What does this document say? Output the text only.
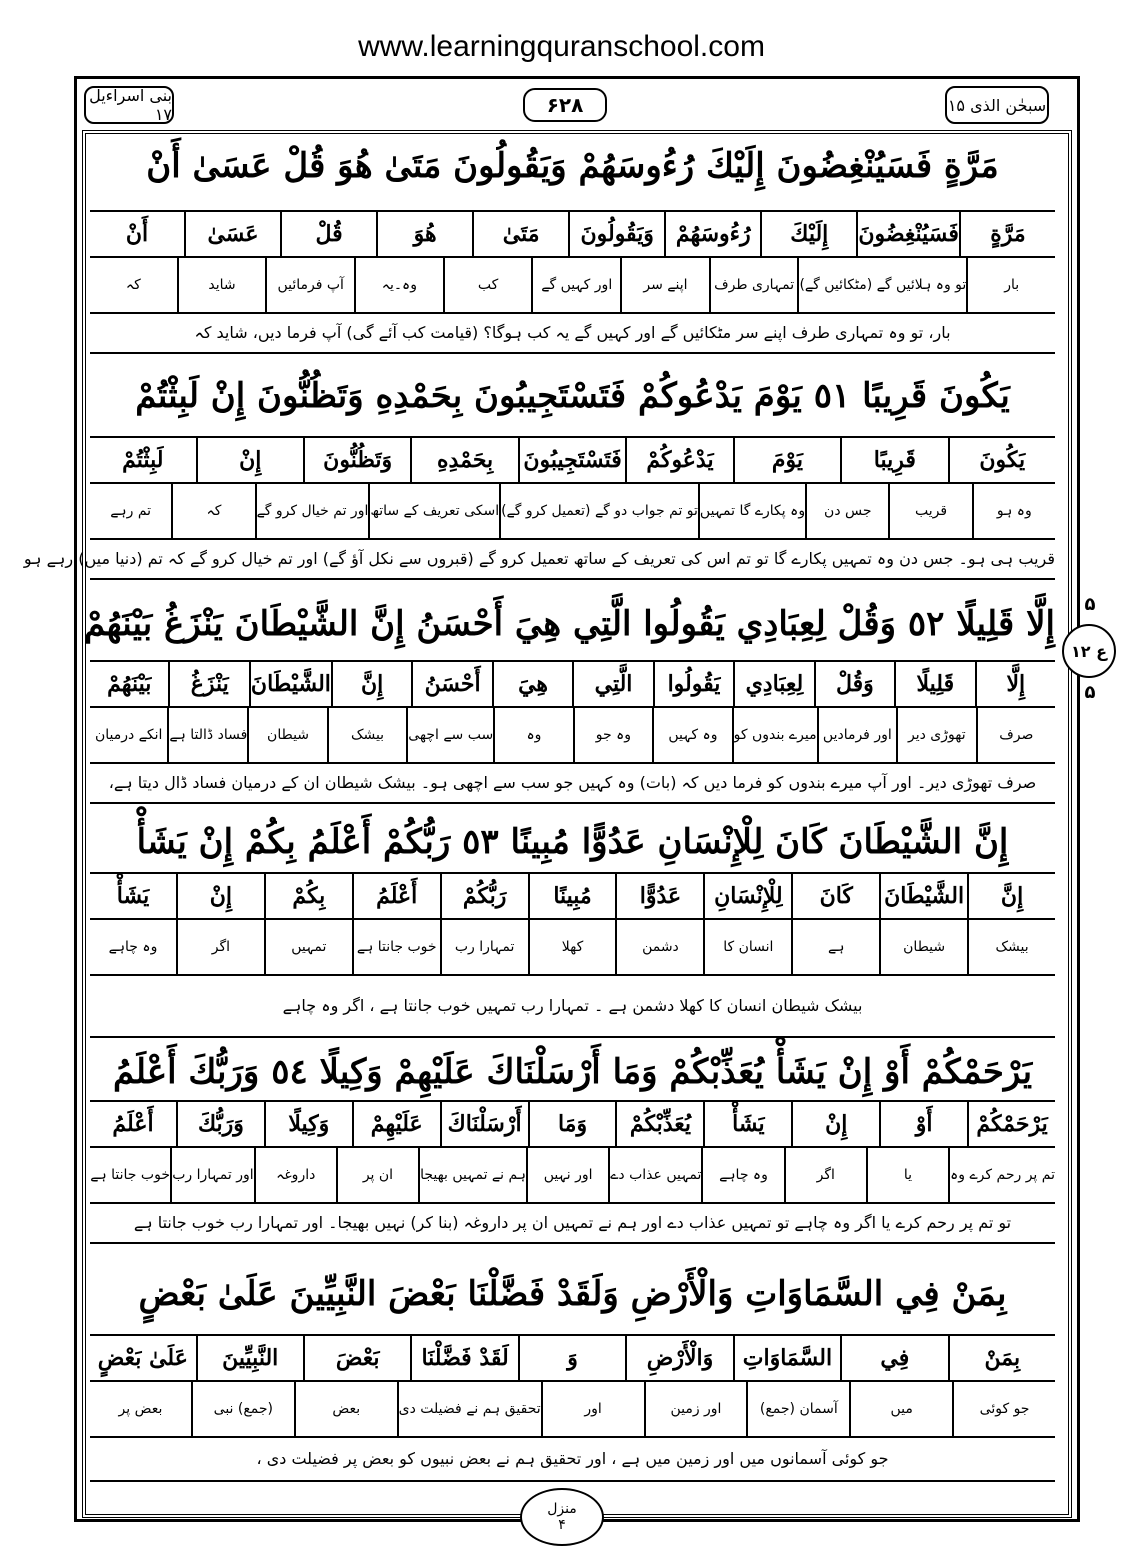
www.learningquranschool.com
سبحٰن الذی ۱۵
۶۲۸
بنی اسرآءیل ۱۷
مَرَّةٍ فَسَيُنْغِضُونَ إِلَيْكَ رُءُوسَهُمْ وَيَقُولُونَ مَتَىٰ هُوَ قُلْ عَسَىٰ أَنْ
مَرَّةٍ
فَسَيُنْغِضُونَ
إِلَيْكَ
رُءُوسَهُمْ
وَيَقُولُونَ
مَتَىٰ
هُوَ
قُلْ
عَسَىٰ
أَنْ
بار
تو وہ ہلائیں گے (مٹکائیں گے)
تمہاری طرف
اپنے سر
اور کہیں گے
کب
وہ۔یہ
آپ فرمائیں
شاید
کہ
بار، تو وہ تمہاری طرف اپنے سر مٹکائیں گے اور کہیں گے یہ کب ہوگا؟ (قیامت کب آئے گی) آپ فرما دیں، شاید کہ
يَكُونَ قَرِيبًا ٥١ يَوْمَ يَدْعُوكُمْ فَتَسْتَجِيبُونَ بِحَمْدِهِ وَتَظُنُّونَ إِنْ لَبِثْتُمْ
يَكُونَ
قَرِيبًا
يَوْمَ
يَدْعُوكُمْ
فَتَسْتَجِيبُونَ
بِحَمْدِهِ
وَتَظُنُّونَ
إِنْ
لَبِثْتُمْ
وہ ہو
قریب
جس دن
وہ پکارے گا تمہیں
تو تم جواب دو گے (تعمیل کرو گے)
اسکی تعریف کے ساتھ
اور تم خیال کرو گے
کہ
تم رہے
قریب ہی ہو۔ جس دن وہ تمہیں پکارے گا تو تم اس کی تعریف کے ساتھ تعمیل کرو گے (قبروں سے نکل آؤ گے) اور تم خیال کرو گے کہ تم (دنیا میں) رہے ہو
إِلَّا قَلِيلًا ٥٢ وَقُلْ لِعِبَادِي يَقُولُوا الَّتِي هِيَ أَحْسَنُ إِنَّ الشَّيْطَانَ يَنْزَغُ بَيْنَهُمْ
إِلَّا
قَلِيلًا
وَقُلْ
لِعِبَادِي
يَقُولُوا
الَّتِي
هِيَ
أَحْسَنُ
إِنَّ
الشَّيْطَانَ
يَنْزَغُ
بَيْنَهُمْ
صرف
تھوڑی دیر
اور فرمادیں
میرے بندوں کو
وہ کہیں
وہ جو
وہ
سب سے اچھی
بیشک
شیطان
فساد ڈالتا ہے
انکے درمیان
صرف تھوڑی دیر۔ اور آپ میرے بندوں کو فرما دیں کہ (بات) وہ کہیں جو سب سے اچھی ہو۔ بیشک شیطان ان کے درمیان فساد ڈال دیتا ہے،
إِنَّ الشَّيْطَانَ كَانَ لِلْإِنْسَانِ عَدُوًّا مُبِينًا ٥٣ رَبُّكُمْ أَعْلَمُ بِكُمْ إِنْ يَشَأْ
إِنَّ
الشَّيْطَانَ
كَانَ
لِلْإِنْسَانِ
عَدُوًّا
مُبِينًا
رَبُّكُمْ
أَعْلَمُ
بِكُمْ
إِنْ
يَشَأْ
بیشک
شیطان
ہے
انسان کا
دشمن
کھلا
تمہارا رب
خوب جانتا ہے
تمہیں
اگر
وہ چاہے
بیشک شیطان انسان کا کھلا دشمن ہے ۔ تمہارا رب تمہیں خوب جانتا ہے ، اگر وہ چاہے
يَرْحَمْكُمْ أَوْ إِنْ يَشَأْ يُعَذِّبْكُمْ وَمَا أَرْسَلْنَاكَ عَلَيْهِمْ وَكِيلًا ٥٤ وَرَبُّكَ أَعْلَمُ
يَرْحَمْكُمْ
أَوْ
إِنْ
يَشَأْ
يُعَذِّبْكُمْ
وَمَا
أَرْسَلْنَاكَ
عَلَيْهِمْ
وَكِيلًا
وَرَبُّكَ
أَعْلَمُ
تم پر رحم کرے وہ
یا
اگر
وہ چاہے
تمہیں عذاب دے
اور نہیں
ہم نے تمہیں بھیجا
ان پر
داروغہ
اور تمہارا رب
خوب جانتا ہے
تو تم پر رحم کرے یا اگر وہ چاہے تو تمہیں عذاب دے اور ہم نے تمہیں ان پر داروغہ (بنا کر) نہیں بھیجا۔ اور تمہارا رب خوب جانتا ہے
بِمَنْ فِي السَّمَاوَاتِ وَالْأَرْضِ وَلَقَدْ فَضَّلْنَا بَعْضَ النَّبِيِّينَ عَلَىٰ بَعْضٍ
بِمَنْ
فِي
السَّمَاوَاتِ
وَالْأَرْضِ
وَ
لَقَدْ فَضَّلْنَا
بَعْضَ
النَّبِيِّينَ
عَلَىٰ بَعْضٍ
جو کوئی
میں
آسمان (جمع)
اور زمین
اور
تحقیق ہم نے فضیلت دی
بعض
(جمع) نبی
بعض پر
جو کوئی آسمانوں میں اور زمین میں ہے ، اور تحقیق ہم نے بعض نبیوں کو بعض پر فضیلت دی ،
۵
ع ۱۲
۵
منزل
۴
